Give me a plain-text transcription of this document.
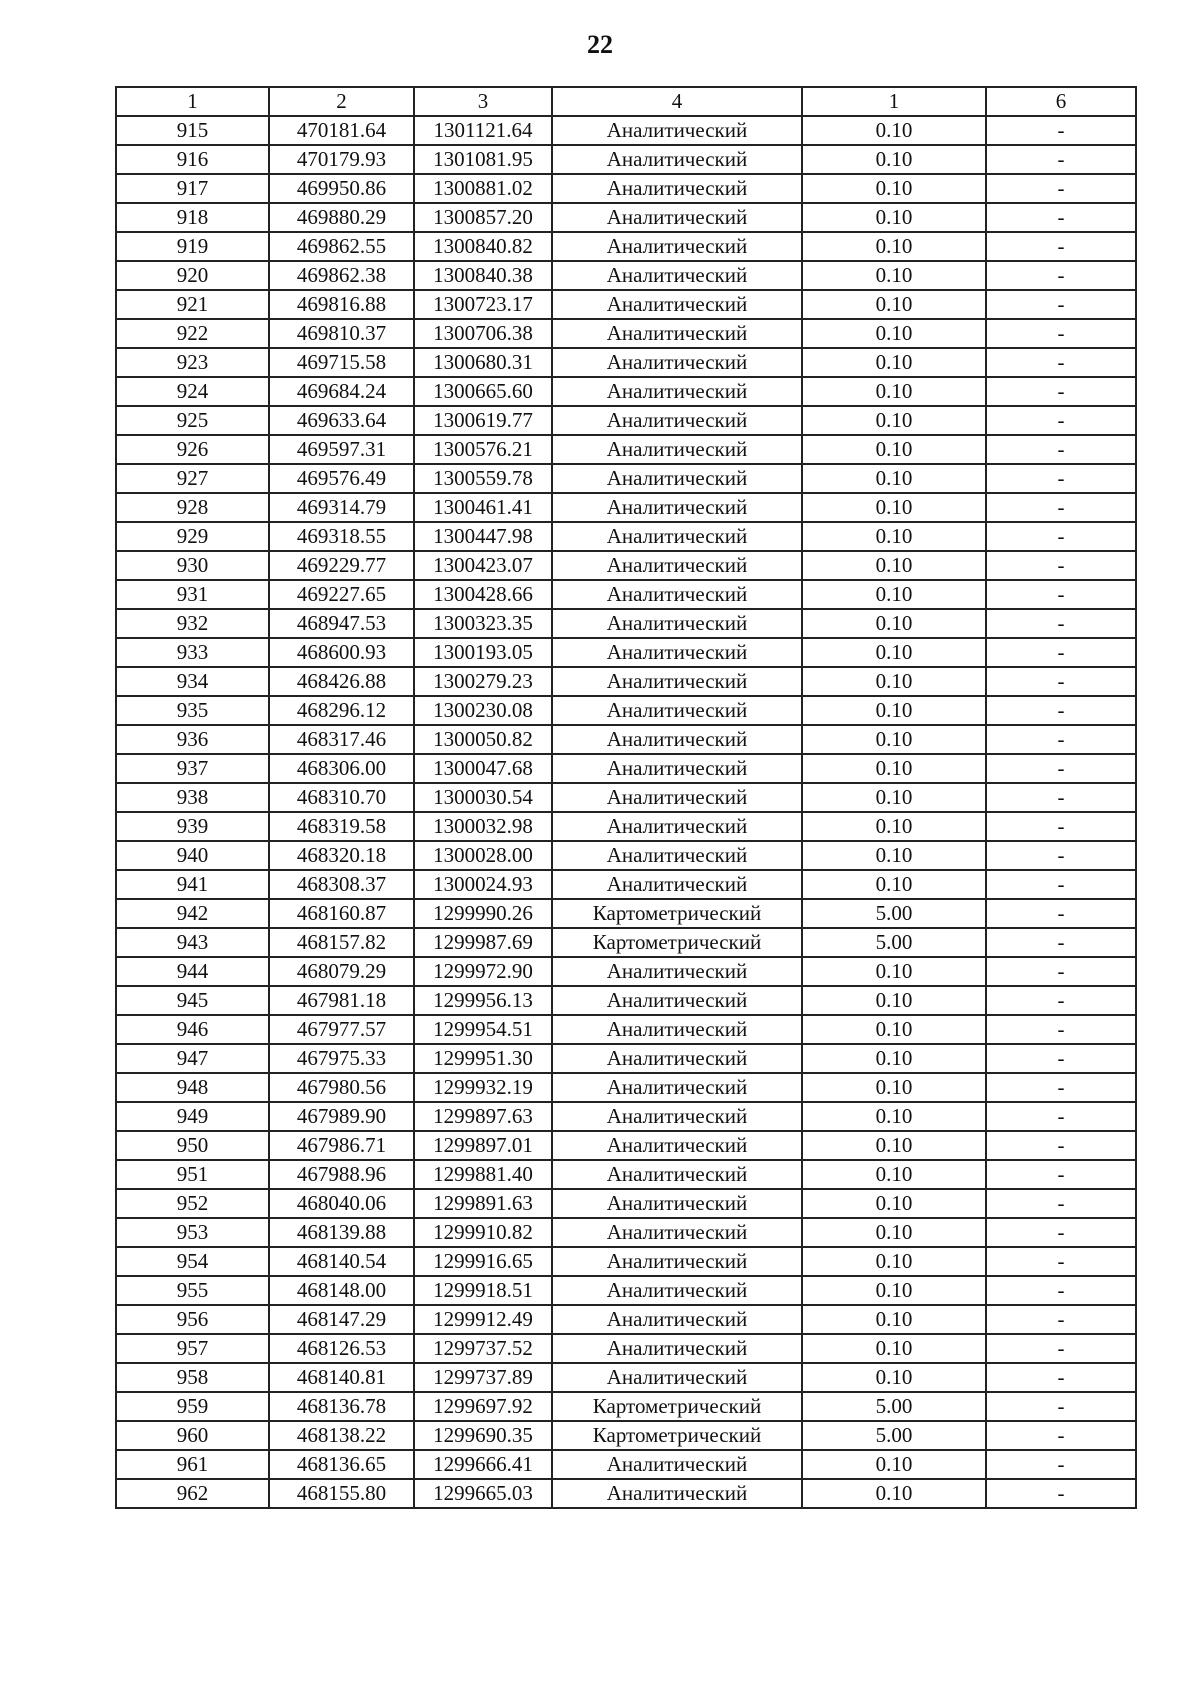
22
1	2	3	4	1	6
915	470181.64	1301121.64	Аналитический	0.10	-
916	470179.93	1301081.95	Аналитический	0.10	-
917	469950.86	1300881.02	Аналитический	0.10	-
918	469880.29	1300857.20	Аналитический	0.10	-
919	469862.55	1300840.82	Аналитический	0.10	-
920	469862.38	1300840.38	Аналитический	0.10	-
921	469816.88	1300723.17	Аналитический	0.10	-
922	469810.37	1300706.38	Аналитический	0.10	-
923	469715.58	1300680.31	Аналитический	0.10	-
924	469684.24	1300665.60	Аналитический	0.10	-
925	469633.64	1300619.77	Аналитический	0.10	-
926	469597.31	1300576.21	Аналитический	0.10	-
927	469576.49	1300559.78	Аналитический	0.10	-
928	469314.79	1300461.41	Аналитический	0.10	-
929	469318.55	1300447.98	Аналитический	0.10	-
930	469229.77	1300423.07	Аналитический	0.10	-
931	469227.65	1300428.66	Аналитический	0.10	-
932	468947.53	1300323.35	Аналитический	0.10	-
933	468600.93	1300193.05	Аналитический	0.10	-
934	468426.88	1300279.23	Аналитический	0.10	-
935	468296.12	1300230.08	Аналитический	0.10	-
936	468317.46	1300050.82	Аналитический	0.10	-
937	468306.00	1300047.68	Аналитический	0.10	-
938	468310.70	1300030.54	Аналитический	0.10	-
939	468319.58	1300032.98	Аналитический	0.10	-
940	468320.18	1300028.00	Аналитический	0.10	-
941	468308.37	1300024.93	Аналитический	0.10	-
942	468160.87	1299990.26	Картометрический	5.00	-
943	468157.82	1299987.69	Картометрический	5.00	-
944	468079.29	1299972.90	Аналитический	0.10	-
945	467981.18	1299956.13	Аналитический	0.10	-
946	467977.57	1299954.51	Аналитический	0.10	-
947	467975.33	1299951.30	Аналитический	0.10	-
948	467980.56	1299932.19	Аналитический	0.10	-
949	467989.90	1299897.63	Аналитический	0.10	-
950	467986.71	1299897.01	Аналитический	0.10	-
951	467988.96	1299881.40	Аналитический	0.10	-
952	468040.06	1299891.63	Аналитический	0.10	-
953	468139.88	1299910.82	Аналитический	0.10	-
954	468140.54	1299916.65	Аналитический	0.10	-
955	468148.00	1299918.51	Аналитический	0.10	-
956	468147.29	1299912.49	Аналитический	0.10	-
957	468126.53	1299737.52	Аналитический	0.10	-
958	468140.81	1299737.89	Аналитический	0.10	-
959	468136.78	1299697.92	Картометрический	5.00	-
960	468138.22	1299690.35	Картометрический	5.00	-
961	468136.65	1299666.41	Аналитический	0.10	-
962	468155.80	1299665.03	Аналитический	0.10	-
